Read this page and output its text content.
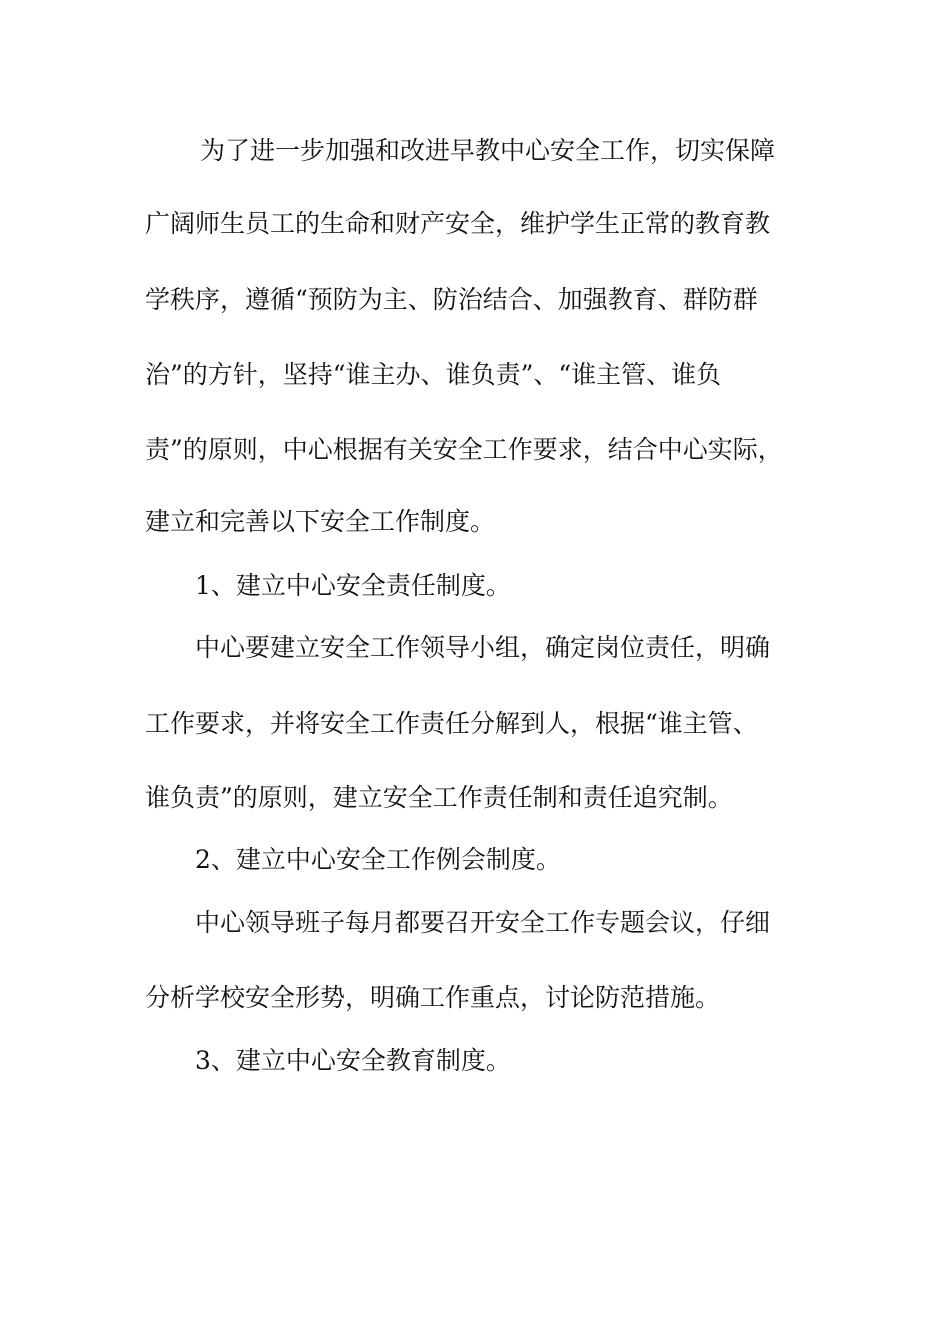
为了进一步加强和改进早教中心安全工作，切实保障
广阔师生员工的生命和财产安全，维护学生正常的教育教
学秩序，遵循“预防为主、防治结合、加强教育、群防群
治”的方针，坚持“谁主办、谁负责”、“谁主管、谁负
责”的原则，中心根据有关安全工作要求，结合中心实际，
建立和完善以下安全工作制度。
1、建立中心安全责任制度。
中心要建立安全工作领导小组，确定岗位责任，明确
工作要求，并将安全工作责任分解到人，根据“谁主管、
谁负责”的原则，建立安全工作责任制和责任追究制。
2、建立中心安全工作例会制度。
中心领导班子每月都要召开安全工作专题会议，仔细
分析学校安全形势，明确工作重点，讨论防范措施。
3、建立中心安全教育制度。
